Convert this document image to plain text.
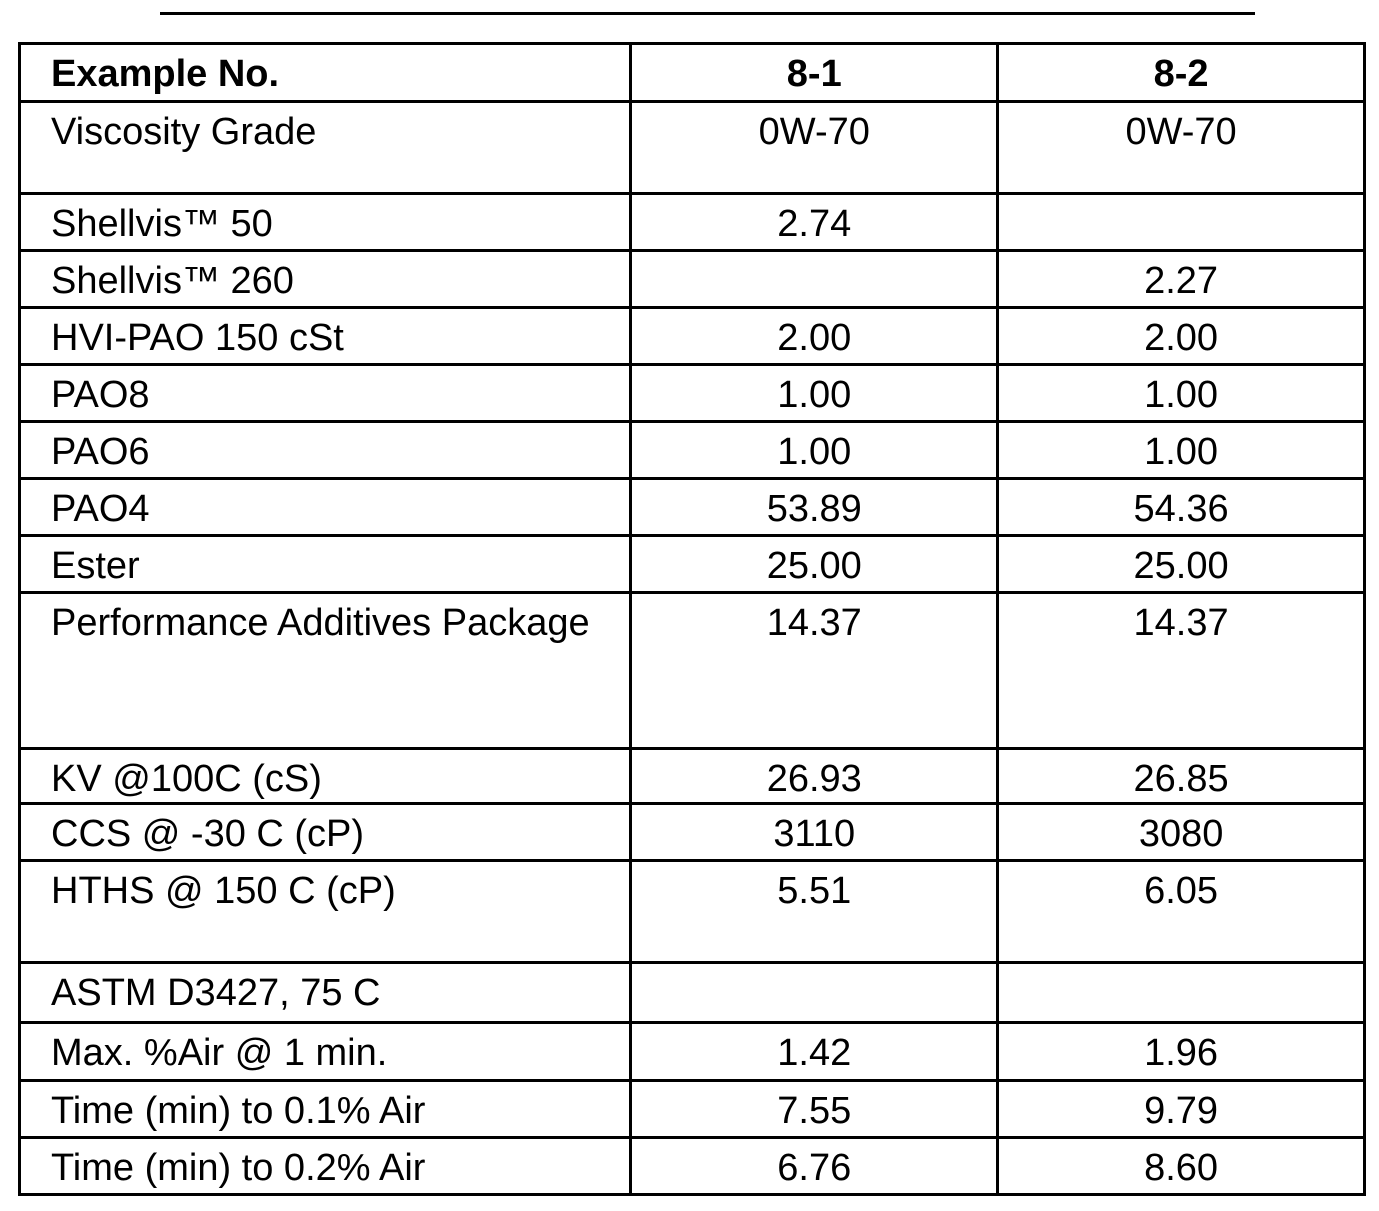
Example No.	8-1	8-2
Viscosity Grade	0W-70	0W-70
Shellvis™ 50	2.74	
Shellvis™ 260		2.27
HVI-PAO 150 cSt	2.00	2.00
PAO8	1.00	1.00
PAO6	1.00	1.00
PAO4	53.89	54.36
Ester	25.00	25.00
Performance Additives Package	14.37	14.37
KV @100C (cS)	26.93	26.85
CCS @ -30 C (cP)	3110	3080
HTHS @ 150 C (cP)	5.51	6.05
ASTM D3427, 75 C		
Max. %Air @ 1 min.	1.42	1.96
Time (min) to 0.1% Air	7.55	9.79
Time (min) to 0.2% Air	6.76	8.60
